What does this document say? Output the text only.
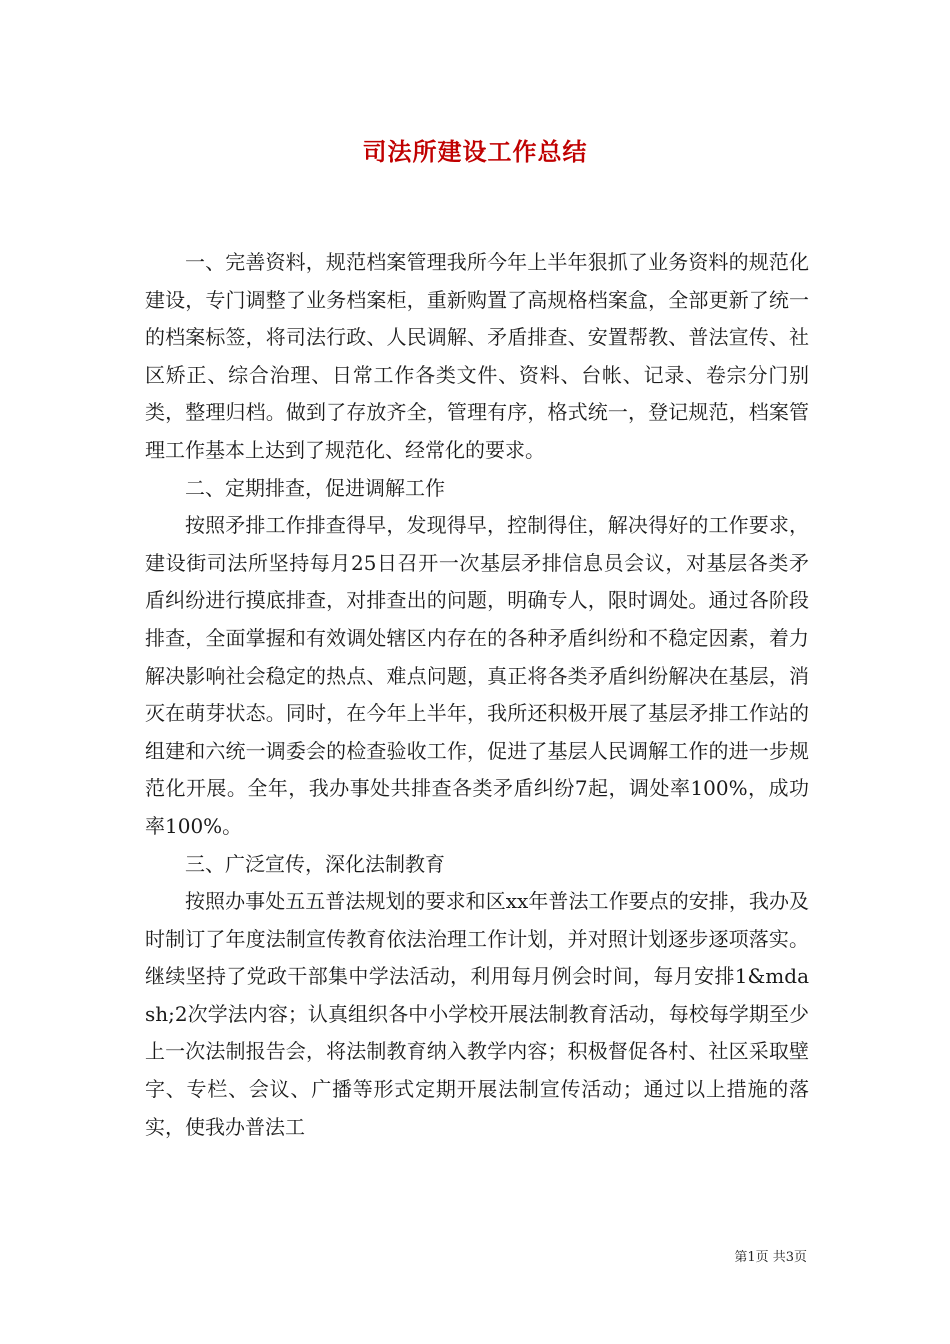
司法所建设工作总结

一、完善资料，规范档案管理我所今年上半年狠抓了业务资料的规范化建设，专门调整了业务档案柜，重新购置了高规格档案盒，全部更新了统一的档案标签，将司法行政、人民调解、矛盾排查、安置帮教、普法宣传、社区矫正、综合治理、日常工作各类文件、资料、台帐、记录、卷宗分门别类，整理归档。做到了存放齐全，管理有序，格式统一，登记规范，档案管理工作基本上达到了规范化、经常化的要求。

二、定期排查，促进调解工作

按照矛排工作排查得早，发现得早，控制得住，解决得好的工作要求，建设街司法所坚持每月25日召开一次基层矛排信息员会议，对基层各类矛盾纠纷进行摸底排查，对排查出的问题，明确专人，限时调处。通过各阶段排查，全面掌握和有效调处辖区内存在的各种矛盾纠纷和不稳定因素，着力解决影响社会稳定的热点、难点问题，真正将各类矛盾纠纷解决在基层，消灭在萌芽状态。同时，在今年上半年，我所还积极开展了基层矛排工作站的组建和六统一调委会的检查验收工作，促进了基层人民调解工作的进一步规范化开展。全年，我办事处共排查各类矛盾纠纷7起，调处率100%，成功率100%。

三、广泛宣传，深化法制教育

按照办事处五五普法规划的要求和区xx年普法工作要点的安排，我办及时制订了年度法制宣传教育依法治理工作计划，并对照计划逐步逐项落实。继续坚持了党政干部集中学法活动，利用每月例会时间，每月安排1&mdash;2次学法内容；认真组织各中小学校开展法制教育活动，每校每学期至少上一次法制报告会，将法制教育纳入教学内容；积极督促各村、社区采取壁字、专栏、会议、广播等形式定期开展法制宣传活动；通过以上措施的落实，使我办普法工

第1页 共3页
